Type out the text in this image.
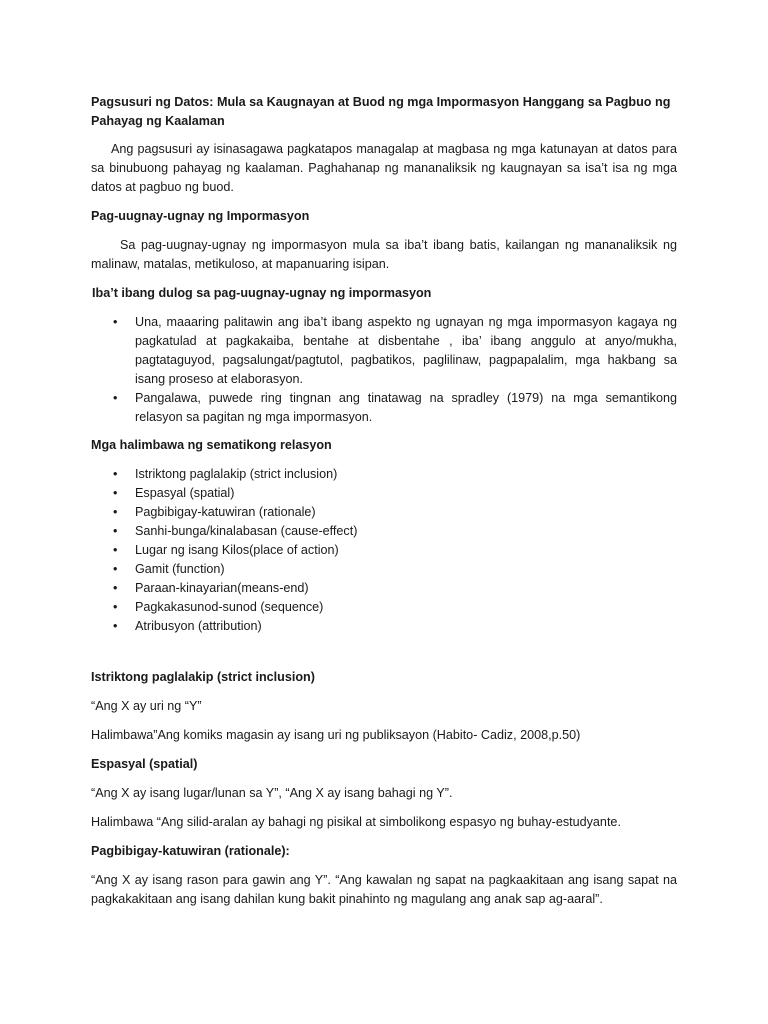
Pagsusuri ng Datos: Mula sa Kaugnayan at Buod ng mga Impormasyon Hanggang sa Pagbuo ng Pahayag ng Kaalaman
Ang pagsusuri ay isinasagawa pagkatapos managalap at magbasa ng mga katunayan at datos para sa binubuong pahayag ng kaalaman. Paghahanap ng mananaliksik ng kaugnayan sa isa’t isa ng mga datos at pagbuo ng buod.
Pag-uugnay-ugnay ng Impormasyon
Sa pag-uugnay-ugnay ng impormasyon mula sa iba’t ibang batis, kailangan ng mananaliksik ng malinaw, matalas, metikuloso, at mapanuaring isipan.
Iba’t ibang dulog sa pag-uugnay-ugnay ng impormasyon
• Una, maaaring palitawin ang iba’t ibang aspekto ng ugnayan ng mga impormasyon kagaya ng pagkatulad at pagkakaiba, bentahe at disbentahe , iba’ ibang anggulo at anyo/mukha, pagtataguyod, pagsalungat/pagtutol, pagbatikos, paglilinaw, pagpapalalim, mga hakbang sa isang proseso at elaborasyon.
• Pangalawa, puwede ring tingnan ang tinatawag na spradley (1979) na mga semantikong relasyon sa pagitan ng mga impormasyon.
Mga halimbawa ng sematikong relasyon
• Istriktong paglalakip (strict inclusion)
• Espasyal (spatial)
• Pagbibigay-katuwiran (rationale)
• Sanhi-bunga/kinalabasan (cause-effect)
• Lugar ng isang Kilos(place of action)
• Gamit (function)
• Paraan-kinayarian(means-end)
• Pagkakasunod-sunod (sequence)
• Atribusyon (attribution)
Istriktong paglalakip (strict inclusion)
“Ang X ay uri ng “Y”
Halimbawa”Ang komiks magasin ay isang uri ng publiksayon (Habito- Cadiz, 2008,p.50)
Espasyal (spatial)
“Ang X ay isang lugar/lunan sa Y”, “Ang X ay isang bahagi ng Y”.
Halimbawa “Ang silid-aralan ay bahagi ng pisikal at simbolikong espasyo ng buhay-estudyante.
Pagbibigay-katuwiran (rationale):
“Ang X ay isang rason para gawin ang Y”. “Ang kawalan ng sapat na pagkaakitaan ang isang sapat na pagkakakitaan ang isang dahilan kung bakit pinahinto ng magulang ang anak sap ag-aaral”.
